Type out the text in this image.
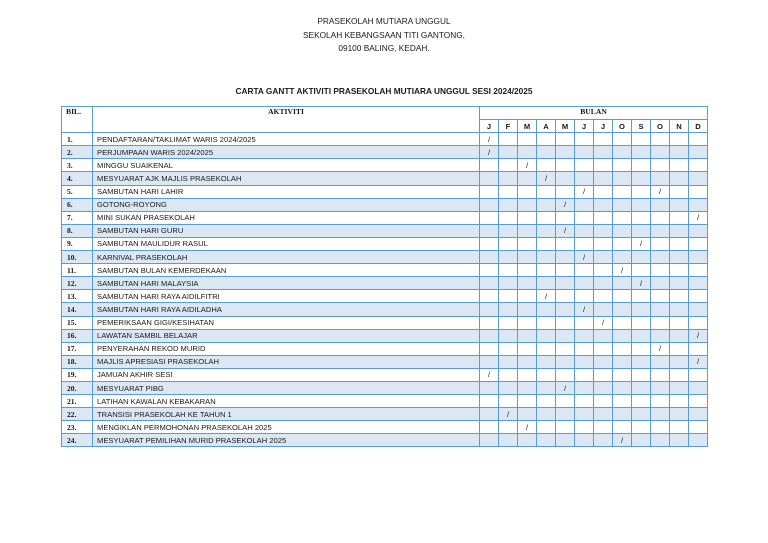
PRASEKOLAH MUTIARA UNGGUL
SEKOLAH KEBANGSAAN TITI GANTONG,
09100 BALING, KEDAH.
CARTA GANTT AKTIVITI PRASEKOLAH MUTIARA UNGGUL SESI 2024/2025
BIL.	AKTIVITI	BULAN											
		J	F	M	A	M	J	J	O	S	O	N	D
1.	PENDAFTARAN/TAKLIMAT WARIS 2024/2025	/											
2.	PERJUMPAAN WARIS 2024/2025	/											
3.	MINGGU SUAIKENAL			/									
4.	MESYUARAT AJK MAJLIS PRASEKOLAH				/								
5.	SAMBUTAN HARI LAHIR						/				/		
6.	GOTONG-ROYONG					/							
7.	MINI SUKAN PRASEKOLAH												/
8.	SAMBUTAN HARI GURU					/							
9.	SAMBUTAN MAULIDUR RASUL									/			
10.	KARNIVAL PRASEKOLAH						/						
11.	SAMBUTAN BULAN KEMERDEKAAN								/				
12.	SAMBUTAN HARI MALAYSIA									/			
13.	SAMBUTAN HARI RAYA AIDILFITRI				/								
14.	SAMBUTAN HARI RAYA AIDILADHA						/						
15.	PEMERIKSAAN GIGI/KESIHATAN							/					
16.	LAWATAN SAMBIL BELAJAR												/
17.	PENYERAHAN REKOD MURID										/		
18.	MAJLIS APRESIASI PRASEKOLAH												/
19.	JAMUAN AKHIR SESI	/											
20.	MESYUARAT PIBG					/							
21.	LATIHAN KAWALAN KEBAKARAN												
22.	TRANSISI PRASEKOLAH KE TAHUN 1		/										
23.	MENGIKLAN PERMOHONAN PRASEKOLAH 2025			/									
24.	MESYUARAT PEMILIHAN MURID PRASEKOLAH 2025								/				
